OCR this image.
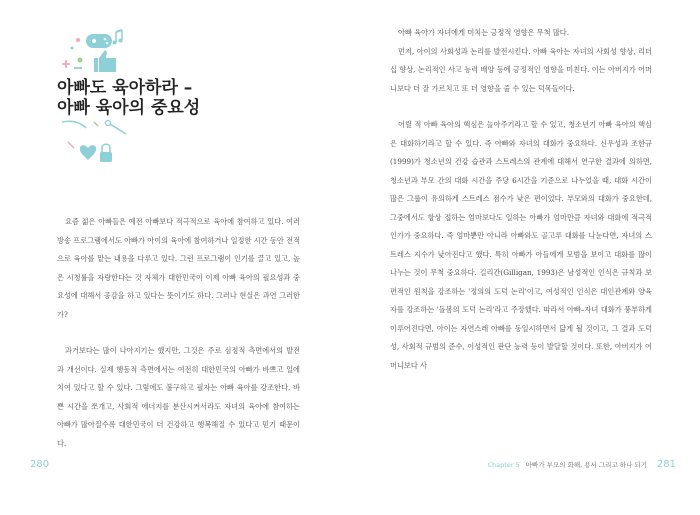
아빠도 육아하라 –
아빠 육아의 중요성

요즘 젊은 아빠들은 예전 아빠보다 적극적으로 육아에 참여하고 있다. 여러 방송 프로그램에서도 아빠가 아이의 육아에 참여하거나 일정한 시간 동안 전적으로 육아를 맡는 내용을 다루고 있다. 그런 프로그램이 인기를 끌고 있고, 높은 시청률을 자랑한다는 것 자체가 대한민국이 이제 아빠 육아의 필요성과 중요성에 대해서 공감을 하고 있다는 뜻이기도 하다. 그러나 현실은 과연 그러한가?

과거보다는 많이 나아지기는 했지만, 그것은 주로 심정적 측면에서의 발전과 개선이다. 실제 행동적 측면에서는 여전히 대한민국의 아빠가 바쁘고 일에 치여 있다고 할 수 있다. 그렇에도 불구하고 필자는 아빠 육아를 강조한다. 바쁜 시간을 쪼개고, 사회적 에너지를 분산시켜서라도 자녀의 육아에 참여하는 아빠가 많아질수록 대한민국이 더 건강하고 행복해질 수 있다고 믿기 때문이다.

280

아빠 육아가 자녀에게 미치는 긍정적 영향은 무척 많다.

먼저, 아이의 사회성과 논리를 발전시킨다. 아빠 육아는 자녀의 사회성 향상, 리더십 향상, 논리적인 사고 능력 배양 등에 긍정적인 영향을 미친다. 이는 아버지가 어머니보다 더 잘 가르치고 또 더 영향을 줄 수 있는 덕목들이다.

어릴 적 아빠 육아의 핵심은 놀아주기라고 할 수 있고, 청소년기 아빠 육아의 핵심은 대화하기라고 할 수 있다. 즉 아빠와 자녀의 대화가 중요하다. 신우성과 조한규(1999)가 청소년의 건강 습관과 스트레스의 관계에 대해서 연구한 결과에 의하면, 청소년과 부모 간의 대화 시간을 주당 6시간을 기준으로 나누었을 때, 대화 시간이 많은 그룹이 유의하게 스트레스 점수가 낮은 편이었다. 부모와의 대화가 중요한데, 그중에서도 항상 접하는 엄마보다도 일하는 아빠가 엄마만큼 자녀와 대화에 적극적인가가 중요하다. 즉 엄마뿐만 아니라 아빠와도 골고루 대화를 나눈다면, 자녀의 스트레스 지수가 낮아진다고 했다. 특히 아빠가 아들에게 모범을 보이고 대화를 많이 나누는 것이 무척 중요하다. 길리간(Gilligan, 1993)은 남성적인 인식은 규칙과 보편적인 원칙을 강조하는 '정의의 도덕 논리'이고, 여성적인 인식은 대인관계와 양육자를 강조하는 '돌봄의 도덕 논리'라고 주장했다. 따라서 아빠–자녀 대화가 풍부하게 이루어진다면, 아이는 자연스레 아빠를 동일시하면서 닮게 될 것이고, 그 결과 도덕성, 사회적 규범의 준수, 이성적인 판단 능력 등이 발달할 것이다. 또한, 아버지가 어머니보다 사

Chapter 5 아빠가 부모의 화해, 용서 그리고 하나 되기 281
